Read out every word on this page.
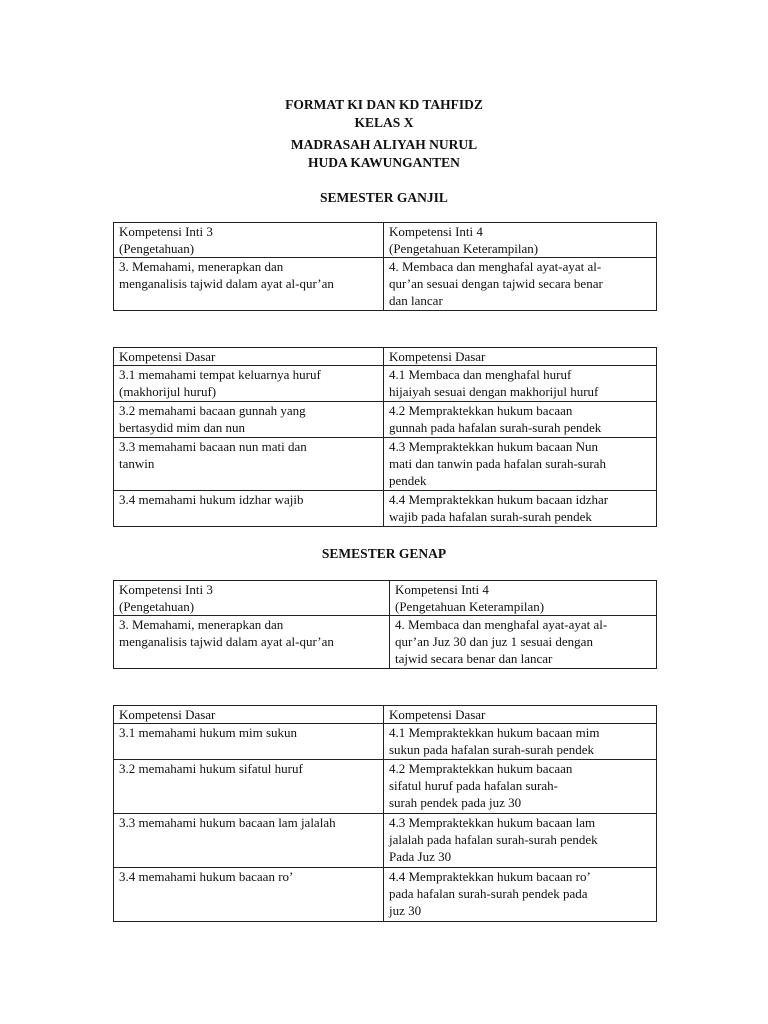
FORMAT KI DAN KD TAHFIDZ
KELAS X
MADRASAH ALIYAH NURUL
HUDA KAWUNGANTEN
SEMESTER GANJIL
Kompetensi Inti 3
(Pengetahuan)	Kompetensi Inti 4
(Pengetahuan Keterampilan)

3. Memahami, menerapkan dan
menganalisis tajwid dalam ayat al-qur’an	4. Membaca dan menghafal ayat-ayat al-
qur’an sesuai dengan tajwid secara benar
dan lancar
Kompetensi Dasar	Kompetensi Dasar

3.1 memahami tempat keluarnya huruf
(makhorijul huruf)	4.1 Membaca dan menghafal huruf
hijaiyah sesuai dengan makhorijul huruf

3.2 memahami bacaan gunnah yang
bertasydid mim dan nun	4.2 Mempraktekkan hukum bacaan
gunnah pada hafalan surah-surah pendek

3.3 memahami bacaan nun mati dan
tanwin	4.3 Mempraktekkan hukum bacaan Nun
mati dan tanwin pada hafalan surah-surah
pendek

3.4 memahami hukum idzhar wajib	4.4 Mempraktekkan hukum bacaan idzhar
wajib pada hafalan surah-surah pendek
SEMESTER GENAP
Kompetensi Inti 3
(Pengetahuan)	Kompetensi Inti 4
(Pengetahuan Keterampilan)

3. Memahami, menerapkan dan
menganalisis tajwid dalam ayat al-qur’an	4. Membaca dan menghafal ayat-ayat al-
qur’an Juz 30 dan juz 1 sesuai dengan
tajwid secara benar dan lancar
Kompetensi Dasar	Kompetensi Dasar

3.1 memahami hukum mim sukun	4.1 Mempraktekkan hukum bacaan mim
sukun pada hafalan surah-surah pendek

3.2 memahami hukum sifatul huruf	4.2 Mempraktekkan hukum bacaan
sifatul huruf pada hafalan surah-
surah pendek pada juz 30

3.3 memahami hukum bacaan lam jalalah	4.3 Mempraktekkan hukum bacaan lam
jalalah pada hafalan surah-surah pendek
Pada Juz 30

3.4 memahami hukum bacaan ro’	4.4 Mempraktekkan hukum bacaan ro’
pada hafalan surah-surah pendek pada
juz 30
